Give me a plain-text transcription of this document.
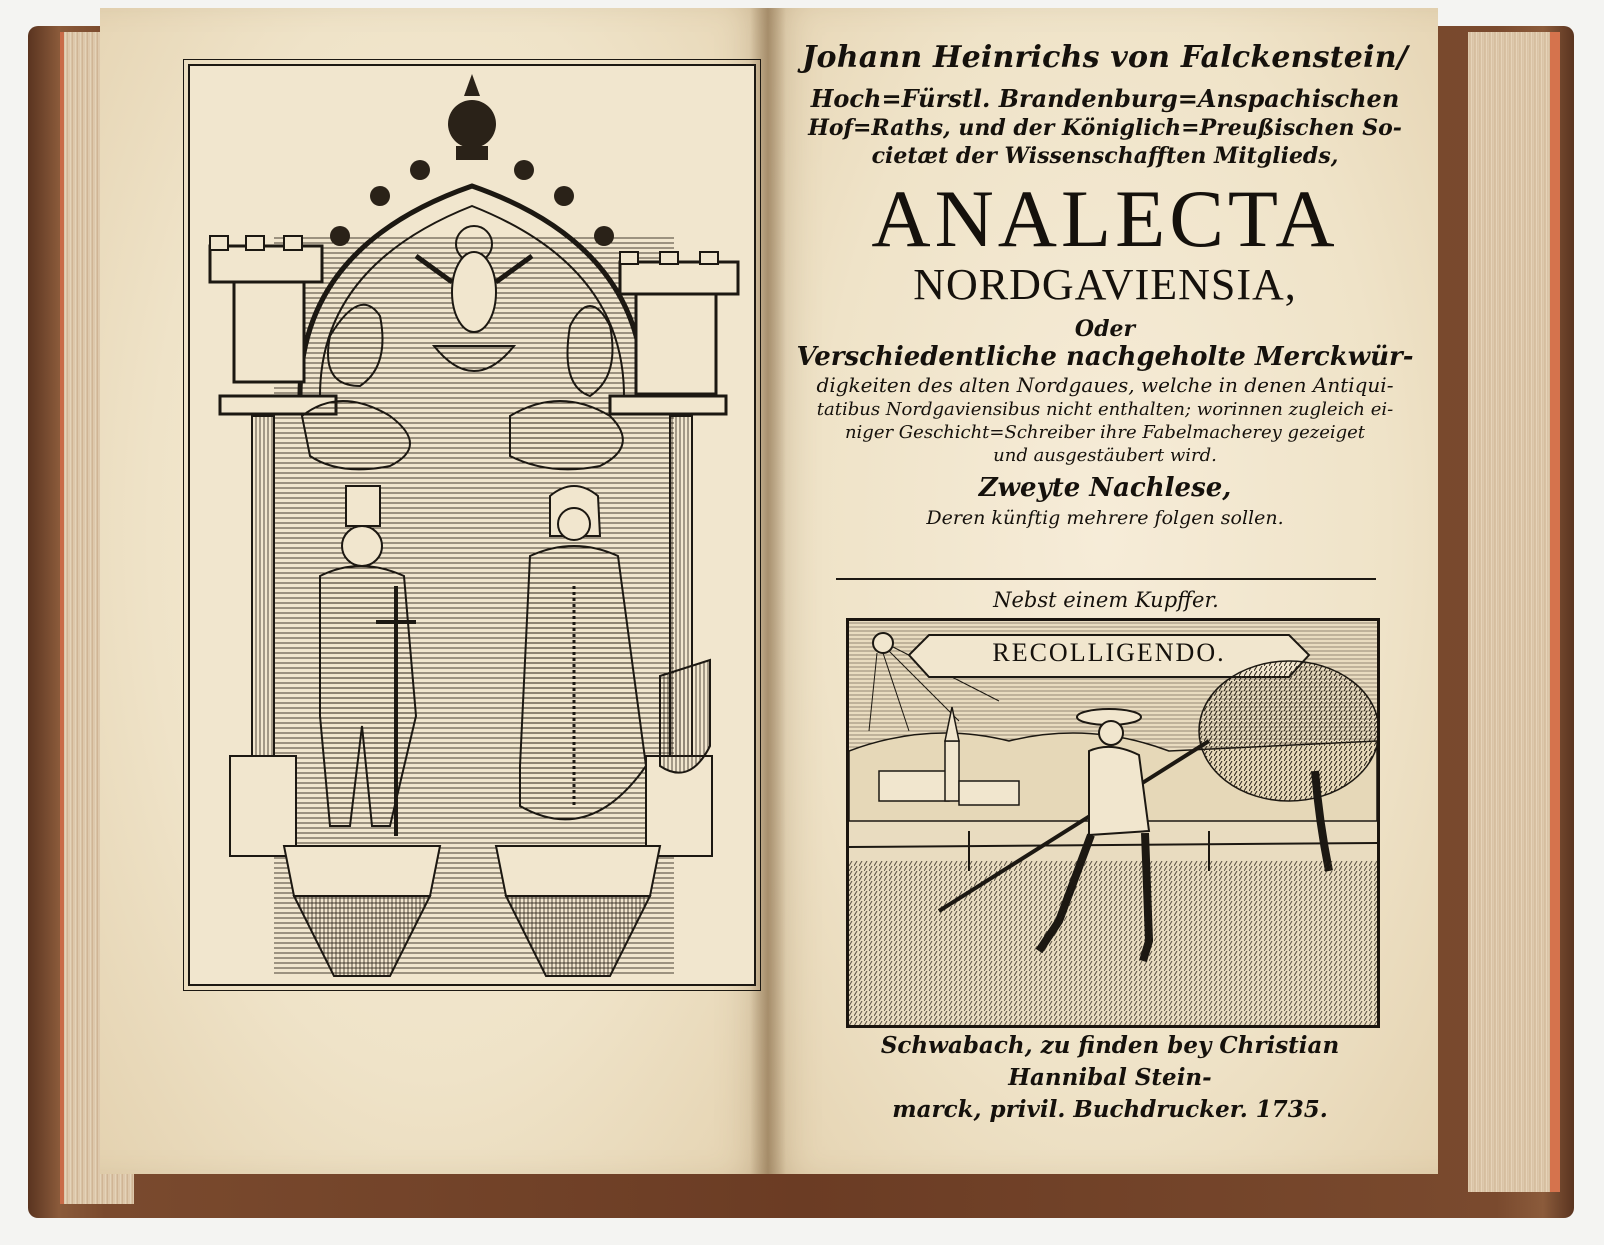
Johann Heinrichs von Falckenstein/
Hoch=Fürstl. Brandenburg=Anspachischen
Hof=Raths, und der Königlich=Preußischen So-
cietæt der Wissenschafften Mitglieds,
ANALECTA
NORDGAVIENSIA,
Oder
Verschiedentliche nachgeholte Merckwür-
digkeiten des alten Nordgaues, welche in denen Antiqui-
tatibus Nordgaviensibus nicht enthalten; worinnen zugleich ei-
niger Geschicht=Schreiber ihre Fabelmacherey gezeiget
und ausgestäubert wird.
Zweyte Nachlese,
Deren künftig mehrere folgen sollen.
Nebst einem Kupffer.
RECOLLIGENDO.
Schwabach, zu finden bey Christian Hannibal Stein-
marck, privil. Buchdrucker. 1735.
